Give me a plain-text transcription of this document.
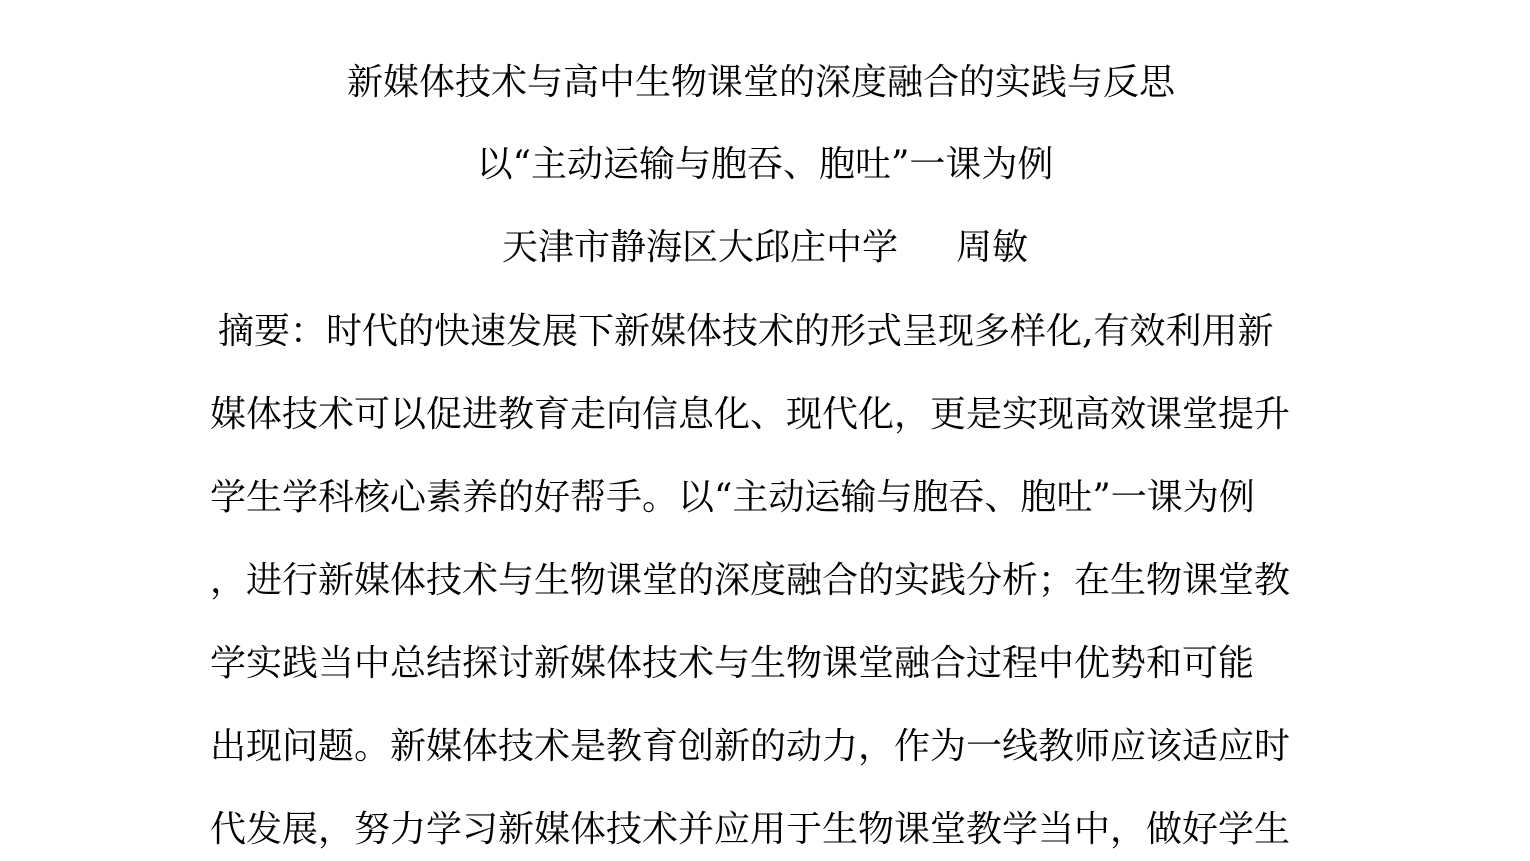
新媒体技术与高中生物课堂的深度融合的实践与反思
以“主动运输与胞吞、胞吐”一课为例
天津市静海区大邱庄中学 周敏
摘要：时代的快速发展下新媒体技术的形式呈现多样化,有效利用新
媒体技术可以促进教育走向信息化、现代化，更是实现高效课堂提升
学生学科核心素养的好帮手。以“主动运输与胞吞、胞吐”一课为例
，进行新媒体技术与生物课堂的深度融合的实践分析；在生物课堂教
学实践当中总结探讨新媒体技术与生物课堂融合过程中优势和可能
出现问题。新媒体技术是教育创新的动力，作为一线教师应该适应时
代发展，努力学习新媒体技术并应用于生物课堂教学当中，做好学生
